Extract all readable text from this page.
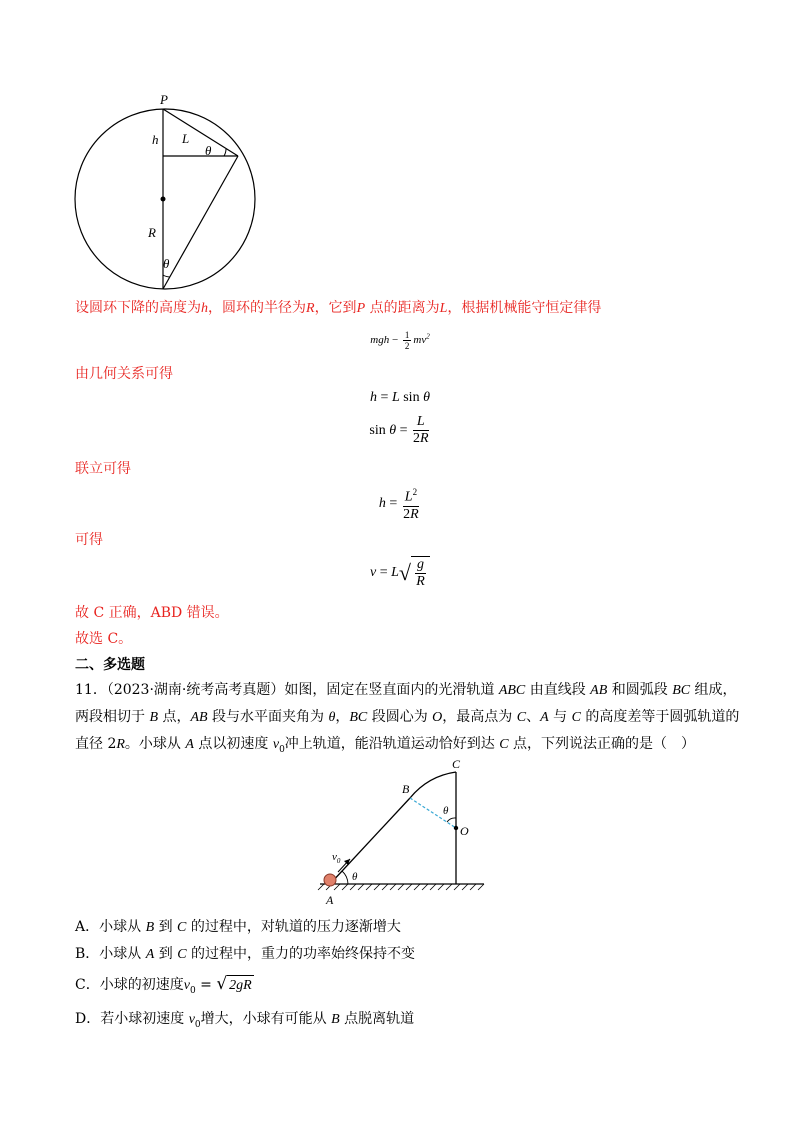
P
h L
θ
R
θ
设圆环下降的高度为h，圆环的半径为R，它到P 点的距离为L，根据机械能守恒定律得
mgh − $\frac{1}{2} mv^2$
由几何关系可得
h = L sin θ
$\sin \theta = \frac{L}{2R}$
联立可得
$h = \frac{L^2}{2R}$
可得
$v = L√ \frac{g}{R}$
故 C 正确，ABD 错误。
故选 C。
二、多选题
11．（2023·湖南·统考高考真题）如图，固定在竖直面内的光滑轨道 ABC 由直线段 AB 和圆弧段 BC 组成，
两段相切于 B 点，AB 段与水平面夹角为 θ，BC 段圆心为 O，最高点为 C、A 与 C 的高度差等于圆弧轨道的
直径 2R。小球从 A 点以初速度 $v_0$冲上轨道，能沿轨道运动恰好到达 C 点，下列说法正确的是（　）
C
B
θ
O
$v_0$
θ
A
A．小球从 B 到 C 的过程中，对轨道的压力逐渐增大
B．小球从 A 到 C 的过程中，重力的功率始终保持不变
C．小球的初速度$v_0$ = √ 2gR
D．若小球初速度 $v_0$增大，小球有可能从 B 点脱离轨道
